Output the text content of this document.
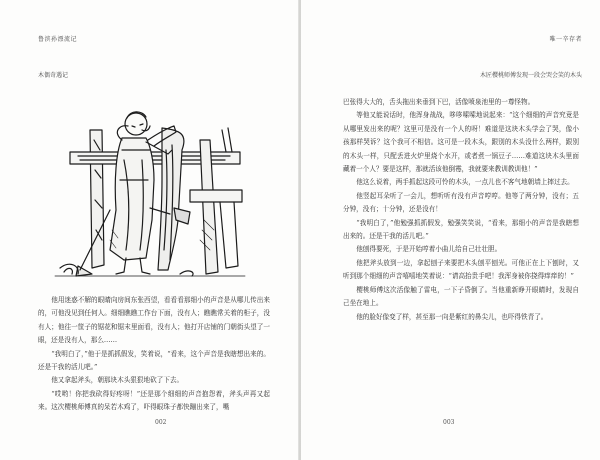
鲁滨孙漂流记
木偶奇遇记

他用迷惑不解的眼睛向房间东张西望，看看看那细小的声音是从哪儿传出来的，可他没见到任何人。细细瞧瞧工作台下面，没有人；瞧瞧常关着的柜子，没有人；他往一筐子的锯花和锯末里面看，没有人；他打开店铺的门朝街头望了一眼，还是没有人，那么……

“我明白了，”他于是抓抓假发，笑着说，“看来，这个声音是我瞎想出来的。还是干我的活儿吧。”

他又拿起斧头，朝那块木头狠狠地砍了下去。

“哎哟！你把我砍得好疼呀！”还是那个细细的声音抱怨着，斧头声再又起来。这次樱桃师傅真的呆若木鸡了，吓得眼珠子都快蹦出来了，嘴

002
唯一辛存者
木匠樱桃师傅发现一段会哭会笑的木头

巴张得大大的，舌头拖出来垂到下巴，活像喷泉池里的一尊怪物。

等他又能说话时，他浑身战战，哆哆嗦嗦地说起来：“这个细细的声音究竟是从哪里发出来的呢？这里可是没有一个人的呀！难道是这块木头学会了哭，像小孩那样哭诉？这个我可不相信。这可是一段木头，跟别的木头没什么两样，跟别的木头一样，只配丢进火炉里烧个水开，或者煮一锅豆子……难道这块木头里面藏着一个人？要是这样，那就活该他倒霉，我就要来教训教训他！”

他这么说着，两手抓起这段可怜的木头，一点儿也不客气地朝墙上摔过去。

他竖起耳朵听了一会儿，想听听有没有声音哼哼。他等了两分钟，没有；五分钟，没有；十分钟，还是没有！

“我明白了，”他勉强抓抓假发，勉强笑笑说，“看来，那细小的声音是我瞎想出来的。还是干我的活儿吧。”

他刨得要死，于是开始哼着小曲儿给自己壮壮胆。

他把斧头放到一边，拿起刨子来要把木头刨平刨光。可他正在上下刨时，又听到那个细细的声音嘻嘻地笑着说：“请高抬贵手吧！我浑身被你挠得痒痒的！”

樱桃师傅这次活像触了雷电，一下子昏倒了。当他重新睁开眼睛时，发现自己坐在地上。

他的脸好像变了样，甚至那一向是紫红的鼻尖儿，也吓得铁青了。

003
